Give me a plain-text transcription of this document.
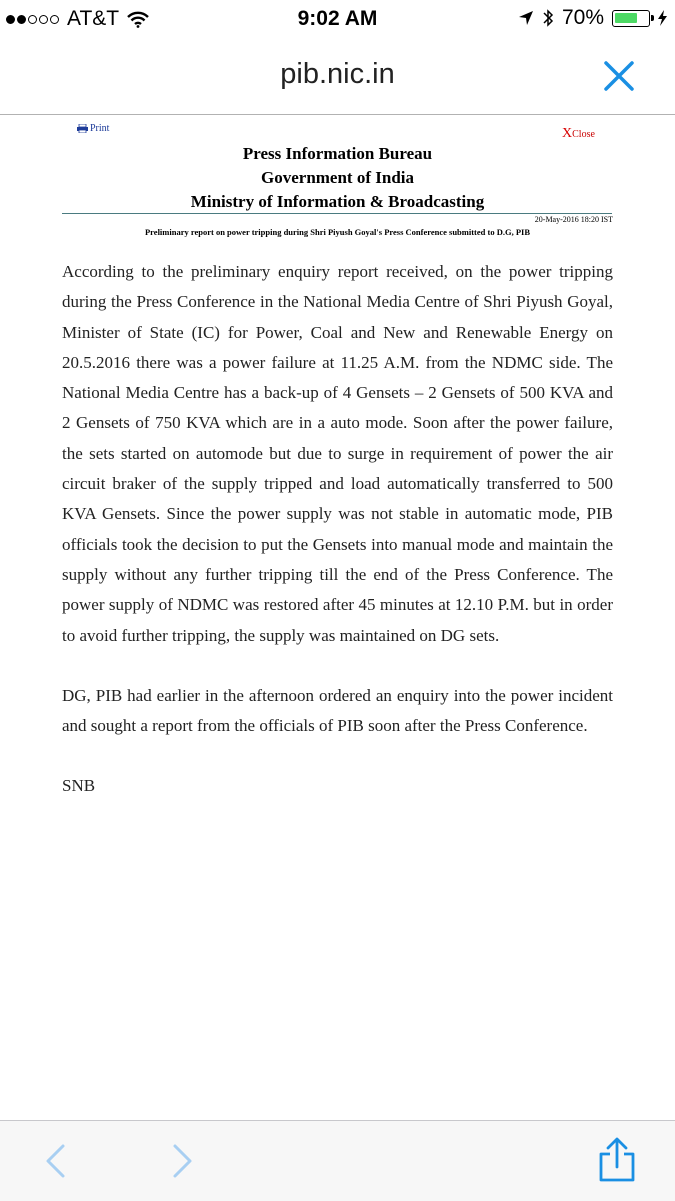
AT&T	9:02 AM	70%
pib.nic.in
Print	XClose
Press Information Bureau
Government of India
Ministry of Information & Broadcasting
20-May-2016 18:20 IST
Preliminary report on power tripping during Shri Piyush Goyal's Press Conference submitted to D.G, PIB

According to the preliminary enquiry report received, on the power tripping during the Press Conference in the National Media Centre of Shri Piyush Goyal, Minister of State (IC) for Power, Coal and New and Renewable Energy on 20.5.2016 there was a power failure at 11.25 A.M. from the NDMC side. The National Media Centre has a back-up of 4 Gensets – 2 Gensets of 500 KVA and 2 Gensets of 750 KVA which are in a auto mode. Soon after the power failure, the sets started on automode but due to surge in requirement of power the air circuit braker of the supply tripped and load automatically transferred to 500 KVA Gensets. Since the power supply was not stable in automatic mode, PIB officials took the decision to put the Gensets into manual mode and maintain the supply without any further tripping till the end of the Press Conference. The power supply of NDMC was restored after 45 minutes at 12.10 P.M. but in order to avoid further tripping, the supply was maintained on DG sets.

DG, PIB had earlier in the afternoon ordered an enquiry into the power incident and sought a report from the officials of PIB soon after the Press Conference.

SNB
